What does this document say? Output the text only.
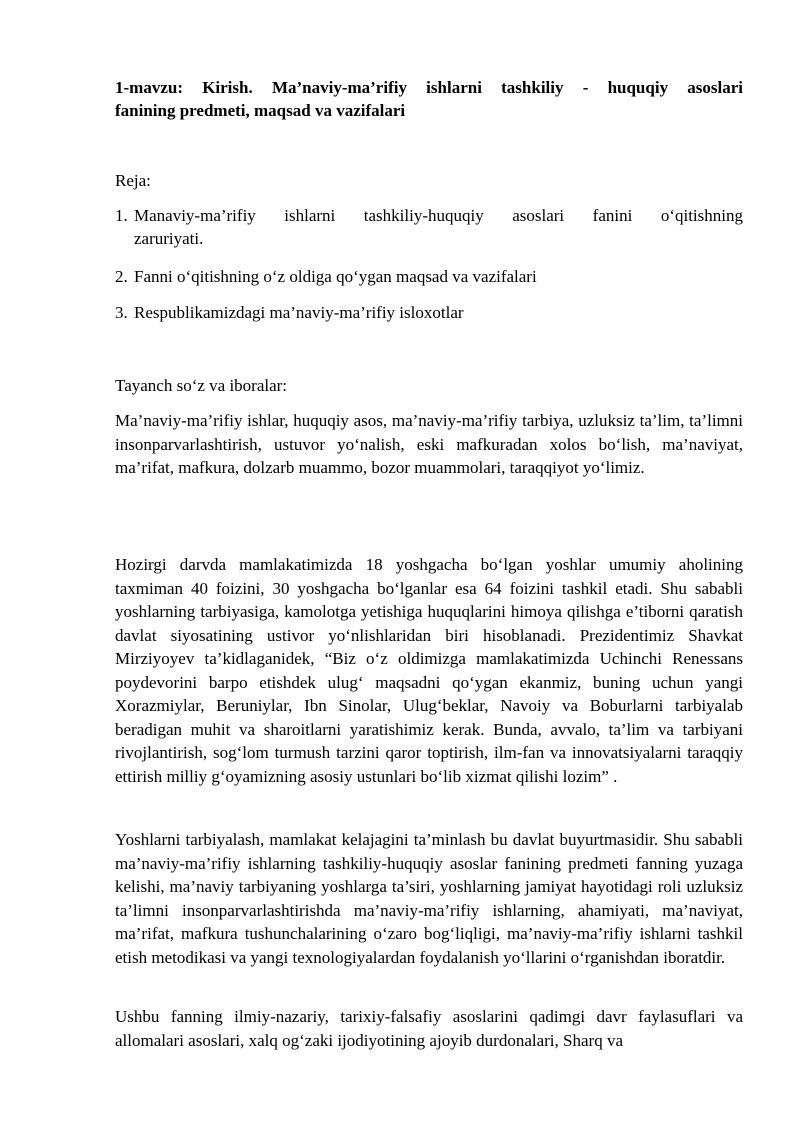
1-mavzu: Kirish. Ma’naviy-ma’rifiy ishlarni tashkiliy - huquqiy asoslari
fanining predmeti, maqsad va vazifalari
Reja:
1. Manaviy-ma’rifiy ishlarni tashkiliy-huquqiy asoslari fanini o‘qitishning
zaruriyati.
2. Fanni o‘qitishning o‘z oldiga qo‘ygan maqsad va vazifalari
3. Respublikamizdagi ma’naviy-ma’rifiy isloxotlar
Tayanch so‘z va iboralar:

Ma’naviy-ma’rifiy ishlar, huquqiy asos, ma’naviy-ma’rifiy tarbiya, uzluksiz ta’lim, ta’limni insonparvarlashtirish, ustuvor yo‘nalish, eski mafkuradan xolos bo‘lish, ma’naviyat, ma’rifat, mafkura, dolzarb muammo, bozor muammolari, taraqqiyot yo‘limiz.

Hozirgi darvda mamlakatimizda 18 yoshgacha bo‘lgan yoshlar umumiy aholining taxmiman 40 foizini, 30 yoshgacha bo‘lganlar esa 64 foizini tashkil etadi. Shu sababli yoshlarning tarbiyasiga, kamolotga yetishiga huquqlarini himoya qilishga e’tiborni qaratish davlat siyosatining ustivor yo‘nlishlaridan biri hisoblanadi. Prezidentimiz Shavkat Mirziyoyev ta’kidlaganidek, “Biz o‘z oldimizga mamlakatimizda Uchinchi Renessans poydevorini barpo etishdek ulug‘ maqsadni qo‘ygan ekanmiz, buning uchun yangi Xorazmiylar, Beruniylar, Ibn Sinolar, Ulug‘beklar, Navoiy va Boburlarni tarbiyalab beradigan muhit va sharoitlarni yaratishimiz kerak. Bunda, avvalo, ta’lim va tarbiyani rivojlantirish, sog‘lom turmush tarzini qaror toptirish, ilm-fan va innovatsiyalarni taraqqiy ettirish milliy g‘oyamizning asosiy ustunlari bo‘lib xizmat qilishi lozim” .

Yoshlarni tarbiyalash, mamlakat kelajagini ta’minlash bu davlat buyurtmasidir. Shu sababli ma’naviy-ma’rifiy ishlarning tashkiliy-huquqiy asoslar fanining predmeti fanning yuzaga kelishi, ma’naviy tarbiyaning yoshlarga ta’siri, yoshlarning jamiyat hayotidagi roli uzluksiz ta’limni insonparvarlashtirishda ma’naviy-ma’rifiy ishlarning, ahamiyati, ma’naviyat, ma’rifat, mafkura tushunchalarining o‘zaro bog‘liqligi, ma’naviy-ma’rifiy ishlarni tashkil etish metodikasi va yangi texnologiyalardan foydalanish yo‘llarini o‘rganishdan iboratdir.

Ushbu fanning ilmiy-nazariy, tarixiy-falsafiy asoslarini qadimgi davr faylasuflari va allomalari asoslari, xalq og‘zaki ijodiyotining ajoyib durdonalari, Sharq va
